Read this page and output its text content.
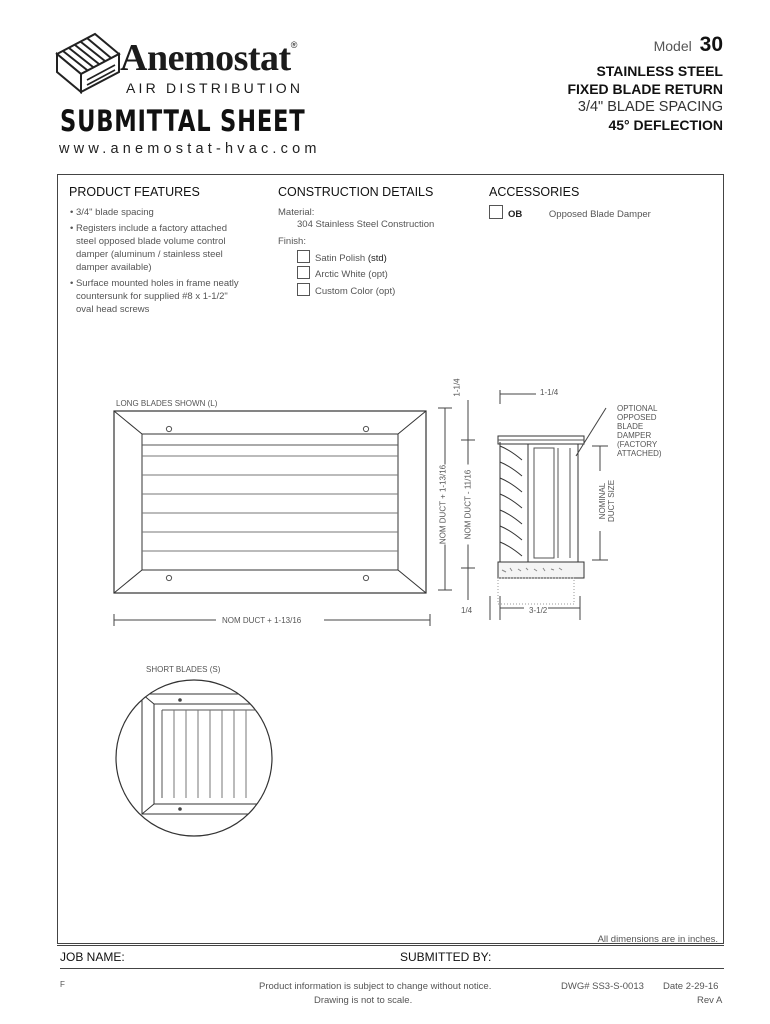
Anemostat®
AIR DISTRIBUTION
SUBMITTAL SHEET
www.anemostat-hvac.com
Model 30
STAINLESS STEEL
FIXED BLADE RETURN
3/4" BLADE SPACING
45° DEFLECTION
PRODUCT FEATURES
• 3/4" blade spacing
• Registers include a factory attached
steel opposed blade volume control
damper (aluminum / stainless steel
damper available)
• Surface mounted holes in frame neatly
countersunk for supplied #8 x 1-1/2"
oval head screws
CONSTRUCTION DETAILS
Material:
304 Stainless Steel Construction
Finish:
Satin Polish (std)
Arctic White (opt)
Custom Color (opt)
ACCESSORIES
OB	Opposed Blade Damper
LONG BLADES SHOWN (L)
NOM DUCT + 1-13/16
NOM DUCT + 1-13/16 NOM DUCT - 11/16
1-1/4	1-1/4
1/4	3-1/2
NOMINAL DUCT SIZE
OPTIONAL
OPPOSED
BLADE
DAMPER
(FACTORY
ATTACHED)
SHORT BLADES (S)
All dimensions are in inches.
JOB NAME:	SUBMITTED BY:
F	Product information is subject to change without notice.
Drawing is not to scale.
DWG# SS3-S-0013 Date 2-29-16
Rev A
